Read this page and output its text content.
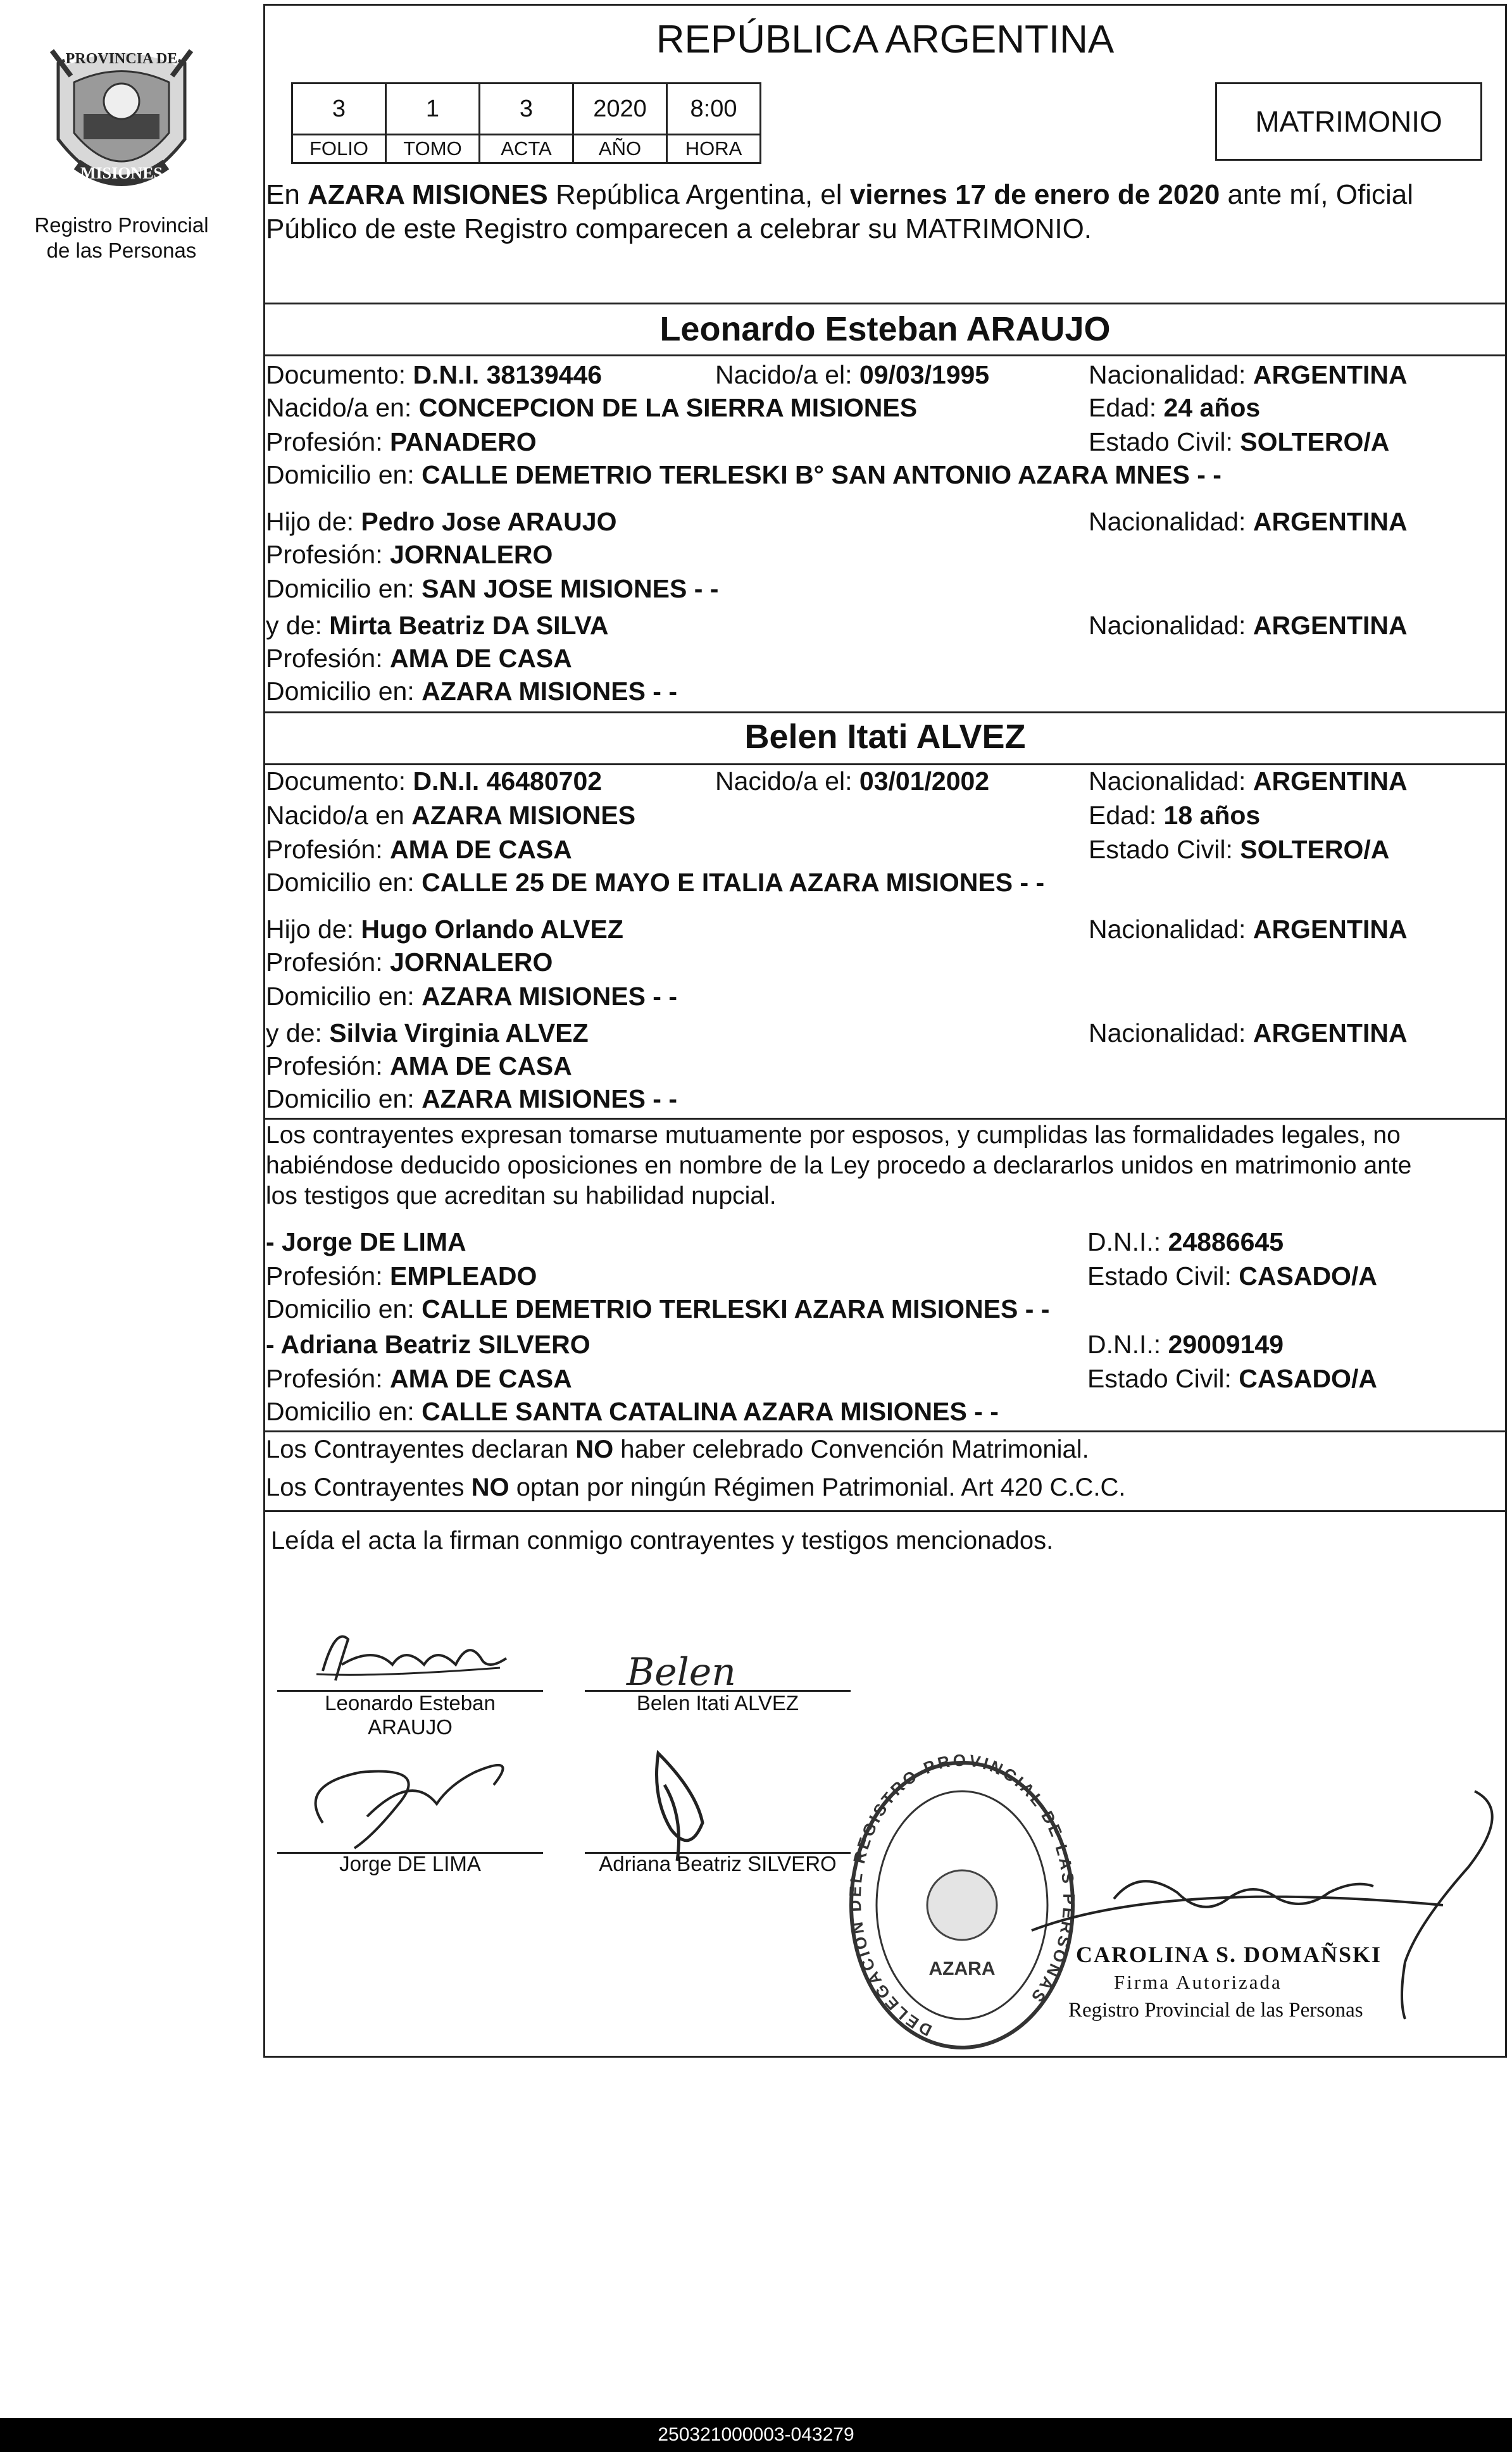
PROVINCIA DE
MISIONES
Registro Provincial
de las Personas
REPÚBLICA ARGENTINA
3	1	3	2020	8:00
FOLIO	TOMO	ACTA	AÑO	HORA
MATRIMONIO
En AZARA MISIONES República Argentina, el viernes 17 de enero de 2020 ante mí, Oficial
Público de este Registro comparecen a celebrar su MATRIMONIO.
Leonardo Esteban ARAUJO
Documento: D.N.I. 38139446	Nacido/a el: 09/03/1995	Nacionalidad: ARGENTINA
Nacido/a en: CONCEPCION DE LA SIERRA MISIONES	Edad: 24 años
Profesión: PANADERO	Estado Civil: SOLTERO/A
Domicilio en: CALLE DEMETRIO TERLESKI B° SAN ANTONIO AZARA MNES - -
Hijo de: Pedro Jose ARAUJO	Nacionalidad: ARGENTINA
Profesión: JORNALERO
Domicilio en: SAN JOSE MISIONES - -
y de: Mirta Beatriz DA SILVA	Nacionalidad: ARGENTINA
Profesión: AMA DE CASA
Domicilio en: AZARA MISIONES - -
Belen Itati ALVEZ
Documento: D.N.I. 46480702	Nacido/a el: 03/01/2002	Nacionalidad: ARGENTINA
Nacido/a en AZARA MISIONES	Edad: 18 años
Profesión: AMA DE CASA	Estado Civil: SOLTERO/A
Domicilio en: CALLE 25 DE MAYO E ITALIA AZARA MISIONES - -
Hijo de: Hugo Orlando ALVEZ	Nacionalidad: ARGENTINA
Profesión: JORNALERO
Domicilio en: AZARA MISIONES - -
y de: Silvia Virginia ALVEZ	Nacionalidad: ARGENTINA
Profesión: AMA DE CASA
Domicilio en: AZARA MISIONES - -
Los contrayentes expresan tomarse mutuamente por esposos, y cumplidas las formalidades legales, no
habiéndose deducido oposiciones en nombre de la Ley procedo a declararlos unidos en matrimonio ante
los testigos que acreditan su habilidad nupcial.
- Jorge DE LIMA	D.N.I.: 24886645
Profesión: EMPLEADO	Estado Civil: CASADO/A
Domicilio en: CALLE DEMETRIO TERLESKI AZARA MISIONES - -
- Adriana Beatriz SILVERO	D.N.I.: 29009149
Profesión: AMA DE CASA	Estado Civil: CASADO/A
Domicilio en: CALLE SANTA CATALINA AZARA MISIONES - -
Los Contrayentes declaran NO haber celebrado Convención Matrimonial.
Los Contrayentes NO optan por ningún Régimen Patrimonial. Art 420 C.C.C.
Leída el acta la firman conmigo contrayentes y testigos mencionados.
Leonardo Esteban
ARAUJO
Belen
Belen Itati ALVEZ
Jorge DE LIMA	Adriana Beatriz SILVERO
DELEGACION DEL REGISTRO PROVINCIAL DE LAS PERSONAS
AZARA
CAROLINA S. DOMAÑSKI
Firma Autorizada
Registro Provincial de las Personas
250321000003-043279
